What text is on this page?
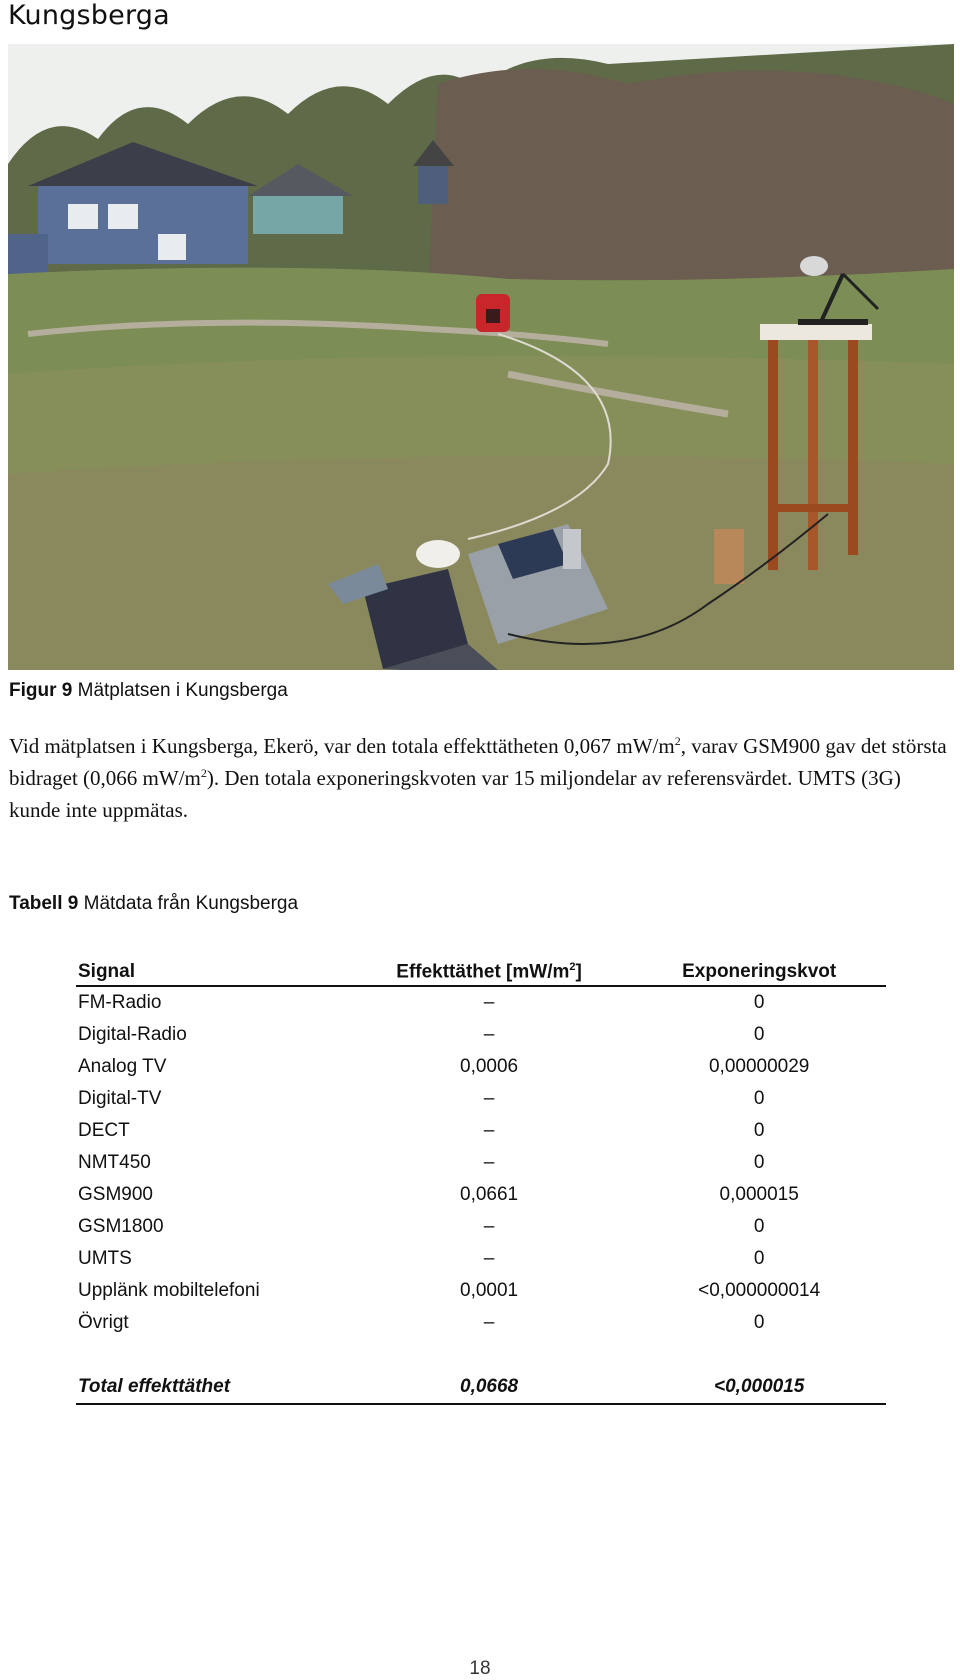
Kungsberga
Figur 9 Mätplatsen i Kungsberga

Vid mätplatsen i Kungsberga, Ekerö, var den totala effekttätheten 0,067 $mW/m^2$, varav GSM900 gav det största bidraget (0,066 $mW/m^2$). Den totala exponeringskvoten var 15 miljondelar av referensvärdet. UMTS (3G) kunde inte uppmätas.

Tabell 9 Mätdata från Kungsberga
Signal	Effekttäthet $[mW/m^2]$	Exponeringskvot
FM-Radio	–	0
Digital-Radio	–	0
Analog TV	0,0006	0,00000029
Digital-TV	–	0
DECT	–	0
NMT450	–	0
GSM900	0,0661	0,000015
GSM1800	–	0
UMTS	–	0
Upplänk mobiltelefoni	0,0001	<0,000000014
Övrigt	–	0

Total effekttäthet	0,0668	<0,000015
18
